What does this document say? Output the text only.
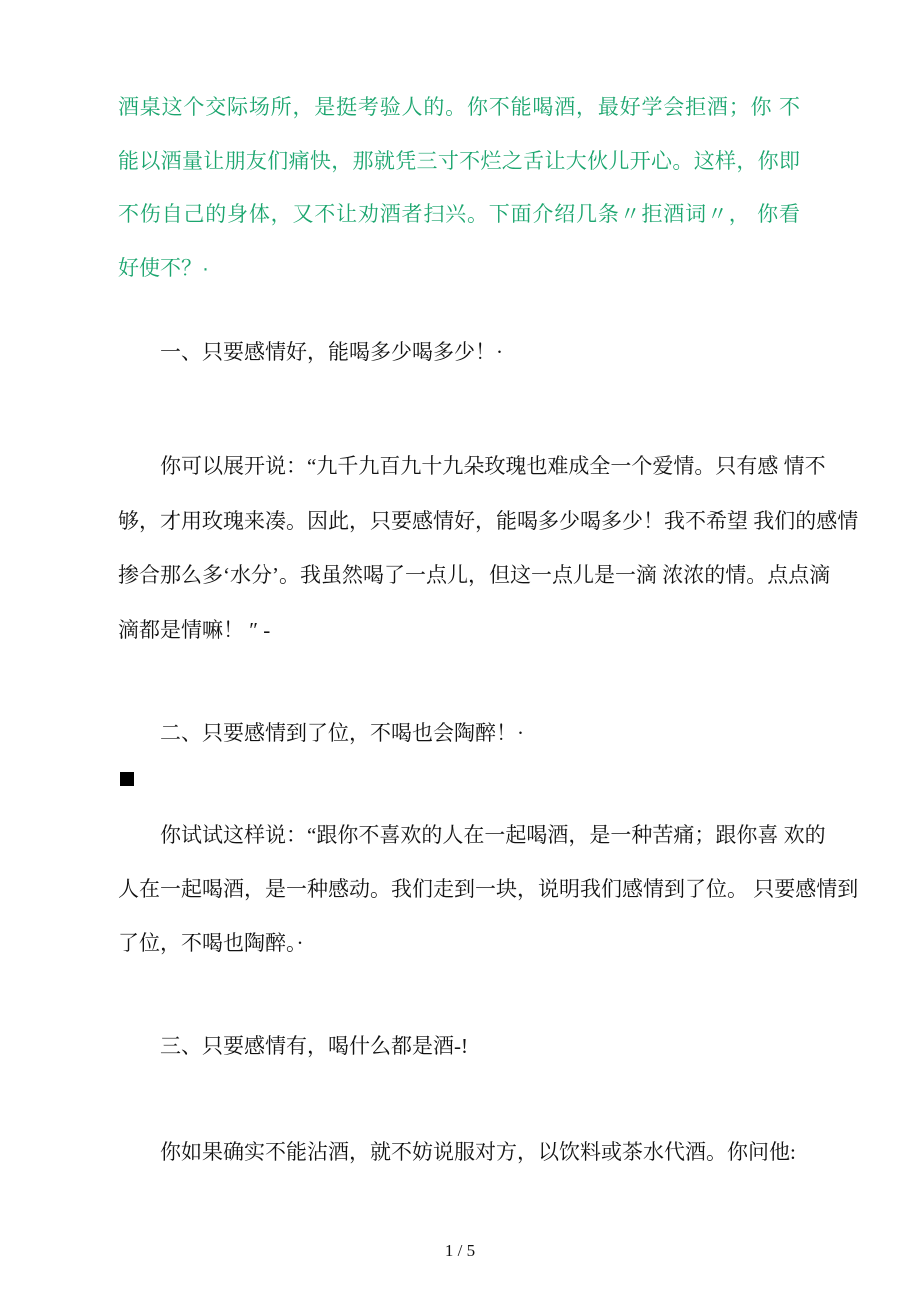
酒桌这个交际场所，是挺考验人的。你不能喝酒，最好学会拒酒；你 不
能以酒量让朋友们痛快，那就凭三寸不烂之舌让大伙儿开心。这样，你即
不伤自己的身体，又不让劝酒者扫兴。下面介绍几条〃拒酒词〃， 你看
好使不？·
一、只要感情好，能喝多少喝多少！·
你可以展开说：“九千九百九十九朵玫瑰也难成全一个爱情。只有感 情不
够，才用玫瑰来凑。因此，只要感情好，能喝多少喝多少！我不希望 我们的感情
掺合那么多‘水分’。我虽然喝了一点儿，但这一点儿是一滴 浓浓的情。点点滴
滴都是情嘛！ ″ -
二、只要感情到了位，不喝也会陶醉！·
你试试这样说：“跟你不喜欢的人在一起喝酒，是一种苦痛；跟你喜 欢的
人在一起喝酒，是一种感动。我们走到一块，说明我们感情到了位。 只要感情到
了位，不喝也陶醉。·
三、只要感情有，喝什么都是酒-!
你如果确实不能沾酒，就不妨说服对方，以饮料或茶水代酒。你问他:
1 / 5
